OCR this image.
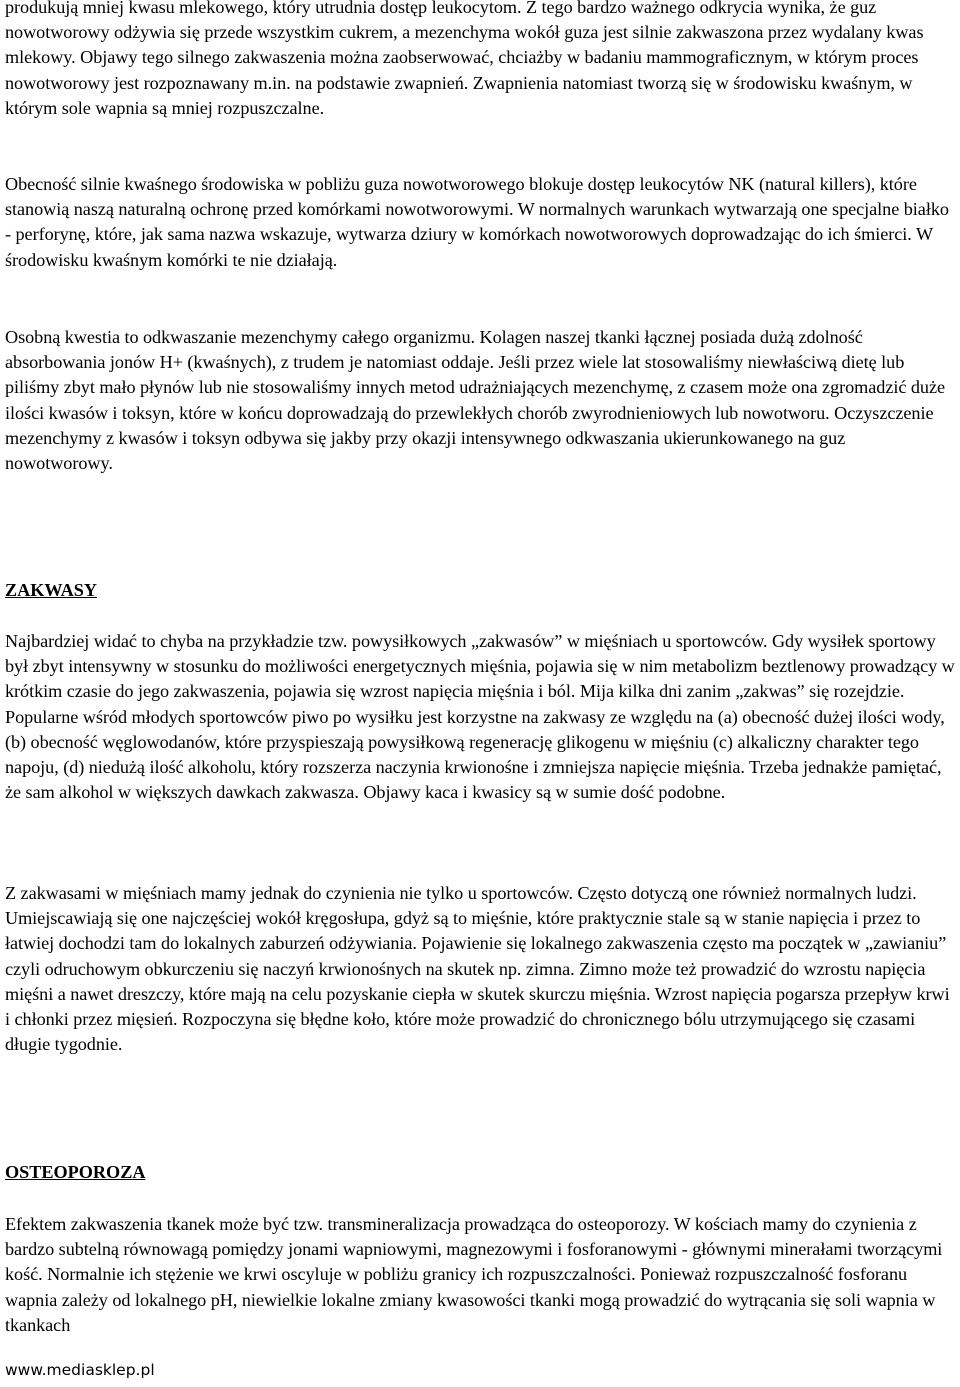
produkują mniej kwasu mlekowego, który utrudnia dostęp leukocytom. Z tego bardzo ważnego odkrycia wynika, że guz nowotworowy odżywia się przede wszystkim cukrem, a mezenchyma wokół guza jest silnie zakwaszona przez wydalany kwas mlekowy. Objawy tego silnego zakwaszenia można zaobserwować, chciażby w badaniu mammograficznym, w którym proces nowotworowy jest rozpoznawany m.in. na podstawie zwapnień. Zwapnienia natomiast tworzą się w środowisku kwaśnym, w którym sole wapnia są mniej rozpuszczalne.

Obecność silnie kwaśnego środowiska w pobliżu guza nowotworowego blokuje dostęp leukocytów NK (natural killers), które stanowią naszą naturalną ochronę przed komórkami nowotworowymi. W normalnych warunkach wytwarzają one specjalne białko - perforynę, które, jak sama nazwa wskazuje, wytwarza dziury w komórkach nowotworowych doprowadzając do ich śmierci. W środowisku kwaśnym komórki te nie działają.

Osobną kwestia to odkwaszanie mezenchymy całego organizmu. Kolagen naszej tkanki łącznej posiada dużą zdolność absorbowania jonów H+ (kwaśnych), z trudem je natomiast oddaje. Jeśli przez wiele lat stosowaliśmy niewłaściwą dietę lub piliśmy zbyt mało płynów lub nie stosowaliśmy innych metod udrażniających mezenchymę, z czasem może ona zgromadzić duże ilości kwasów i toksyn, które w końcu doprowadzają do przewlekłych chorób zwyrodnieniowych lub nowotworu. Oczyszczenie mezenchymy z kwasów i toksyn odbywa się jakby przy okazji intensywnego odkwaszania ukierunkowanego na guz nowotworowy.

ZAKWASY

Najbardziej widać to chyba na przykładzie tzw. powysiłkowych „zakwasów” w mięśniach u sportowców. Gdy wysiłek sportowy był zbyt intensywny w stosunku do możliwości energetycznych mięśnia, pojawia się w nim metabolizm beztlenowy prowadzący w krótkim czasie do jego zakwaszenia, pojawia się wzrost napięcia mięśnia i ból. Mija kilka dni zanim „zakwas” się rozejdzie. Popularne wśród młodych sportowców piwo po wysiłku jest korzystne na zakwasy ze względu na (a) obecność dużej ilości wody, (b) obecność węglowodanów, które przyspieszają powysiłkową regenerację glikogenu w mięśniu (c) alkaliczny charakter tego napoju, (d) niedużą ilość alkoholu, który rozszerza naczynia krwionośne i zmniejsza napięcie mięśnia. Trzeba jednakże pamiętać, że sam alkohol w większych dawkach zakwasza. Objawy kaca i kwasicy są w sumie dość podobne.

Z zakwasami w mięśniach mamy jednak do czynienia nie tylko u sportowców. Często dotyczą one również normalnych ludzi. Umiejscawiają się one najczęściej wokół kręgosłupa, gdyż są to mięśnie, które praktycznie stale są w stanie napięcia i przez to łatwiej dochodzi tam do lokalnych zaburzeń odżywiania. Pojawienie się lokalnego zakwaszenia często ma początek w „zawianiu” czyli odruchowym obkurczeniu się naczyń krwionośnych na skutek np. zimna. Zimno może też prowadzić do wzrostu napięcia mięśni a nawet dreszczy, które mają na celu pozyskanie ciepła w skutek skurczu mięśnia. Wzrost napięcia pogarsza przepływ krwi i chłonki przez mięsień. Rozpoczyna się błędne koło, które może prowadzić do chronicznego bólu utrzymującego się czasami długie tygodnie.

OSTEOPOROZA

Efektem zakwaszenia tkanek może być tzw. transmineralizacja prowadząca do osteoporozy. W kościach mamy do czynienia z bardzo subtelną równowagą pomiędzy jonami wapniowymi, magnezowymi i fosforanowymi - głównymi minerałami tworzącymi kość. Normalnie ich stężenie we krwi oscyluje w pobliżu granicy ich rozpuszczalności. Ponieważ rozpuszczalność fosforanu wapnia zależy od lokalnego pH, niewielkie lokalne zmiany kwasowości tkanki mogą prowadzić do wytrącania się soli wapnia w tkankach

www.mediasklep.pl
